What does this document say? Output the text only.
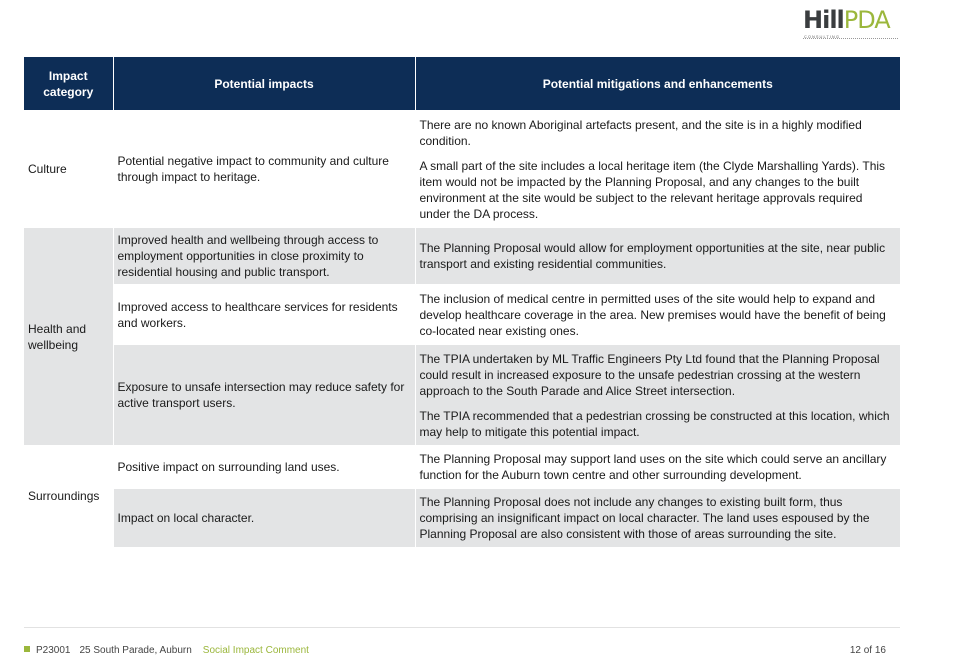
HillPDA
CONSULTING
Impact category	Potential impacts	Potential mitigations and enhancements
Culture	Potential negative impact to community and culture through impact to heritage.	There are no known Aboriginal artefacts present, and the site is in a highly modified condition.

A small part of the site includes a local heritage item (the Clyde Marshalling Yards). This item would not be impacted by the Planning Proposal, and any changes to the built environment at the site would be subject to the relevant heritage approvals required under the DA process.

Health and wellbeing	Improved health and wellbeing through access to employment opportunities in close proximity to residential housing and public transport.	The Planning Proposal would allow for employment opportunities at the site, near public transport and existing residential communities.
	Improved access to healthcare services for residents and workers.	The inclusion of medical centre in permitted uses of the site would help to expand and develop healthcare coverage in the area. New premises would have the benefit of being co-located near existing ones.
	Exposure to unsafe intersection may reduce safety for active transport users.	The TPIA undertaken by ML Traffic Engineers Pty Ltd found that the Planning Proposal could result in increased exposure to the unsafe pedestrian crossing at the western approach to the South Parade and Alice Street intersection.

The TPIA recommended that a pedestrian crossing be constructed at this location, which may help to mitigate this potential impact.

Surroundings	Positive impact on surrounding land uses.	The Planning Proposal may support land uses on the site which could serve an ancillary function for the Auburn town centre and other surrounding development.
	Impact on local character.	The Planning Proposal does not include any changes to existing built form, thus comprising an insignificant impact on local character. The land uses espoused by the Planning Proposal are also consistent with those of areas surrounding the site.
P23001 25 South Parade, Auburn Social Impact Comment	12 of 16
